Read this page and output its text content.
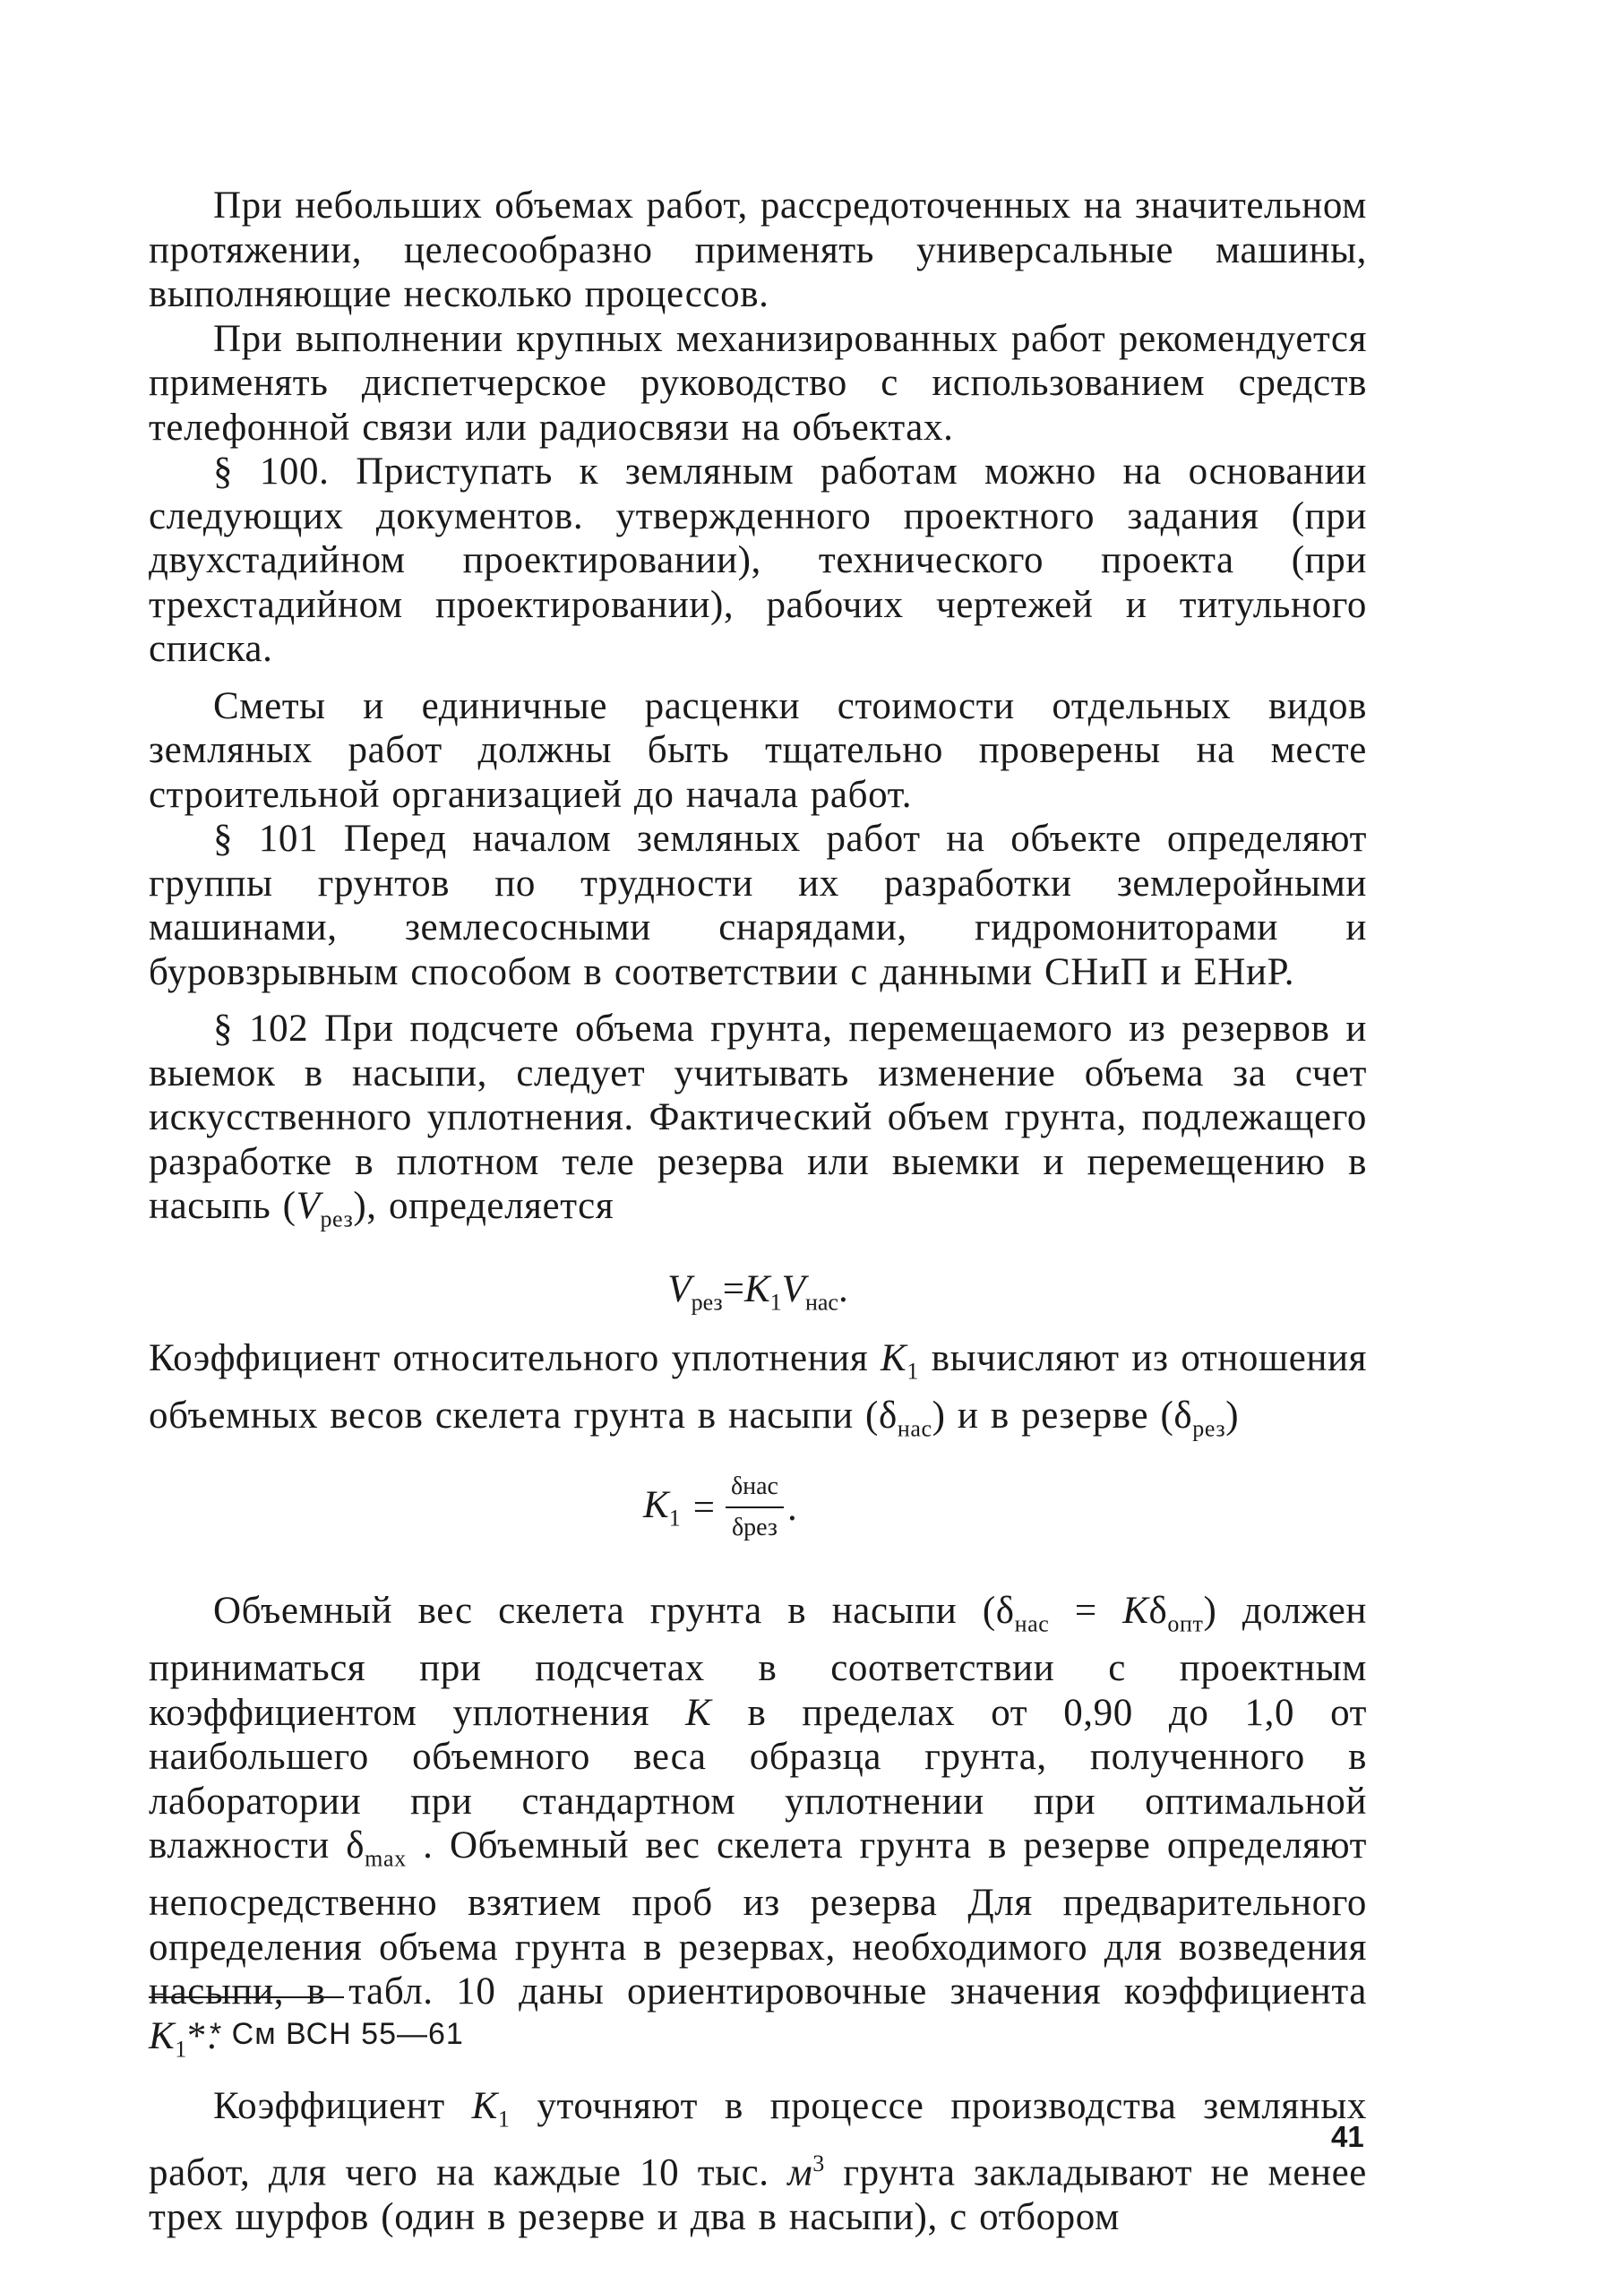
При небольших объемах работ, рассредоточенных на значительном протяжении, целесообразно применять универсальные машины, выполняющие несколько процессов.

При выполнении крупных механизированных работ рекомендуется применять диспетчерское руководство с использованием средств телефонной связи или радиосвязи на объектах.

§ 100. Приступать к земляным работам можно на основании следующих документов. утвержденного проектного задания (при двухстадийном проектировании), технического проекта (при трехстадийном проектировании), рабочих чертежей и титульного списка.

Сметы и единичные расценки стоимости отдельных видов земляных работ должны быть тщательно проверены на месте строительной организацией до начала работ.

§ 101 Перед началом земляных работ на объекте определяют группы грунтов по трудности их разработки землеройными машинами, землесосными снарядами, гидромониторами и буровзрывным способом в соответствии с данными СНиП и ЕНиР.

§ 102 При подсчете объема грунта, перемещаемого из резервов и выемок в насыпи, следует учитывать изменение объема за счет искусственного уплотнения. Фактический объем грунта, подлежащего разработке в плотном теле резерва или выемки и перемещению в насыпь $(V_{рез})$, определяется

$V_{рез}=K_1V_{нас}$.

Коэффициент относительного уплотнения $K_1$ вычисляют из отношения объемных весов скелета грунта в насыпи $(\delta_{нас})$ и в резерве $(\delta_{рез})$

$K_1 = \frac{\text{δнас}}{\text{δрез}}$ .

Объемный вес скелета грунта в насыпи $(\delta_{нас} = K\delta_{опт})$ должен приниматься при подсчетах в соответствии с проектным коэффициентом уплотнения K в пределах от 0,90 до 1,0 от наибольшего объемного веса образца грунта, полученного в лаборатории при стандартном уплотнении при оптимальной влажности $\delta_{max}$ . Объемный вес скелета грунта в резерве определяют непосредственно взятием проб из резерва Для предварительного определения объема грунта в резервах, необходимого для возведения насыпи, в табл. 10 даны ориентировочные значения коэффициента $K_1*$.

Коэффициент $K_1$ уточняют в процессе производства земляных работ, для чего на каждые 10 тыс. $м^3$ грунта закладывают не менее трех шурфов (один в резерве и два в насыпи), с отбором

* См ВСН 55—61
41
